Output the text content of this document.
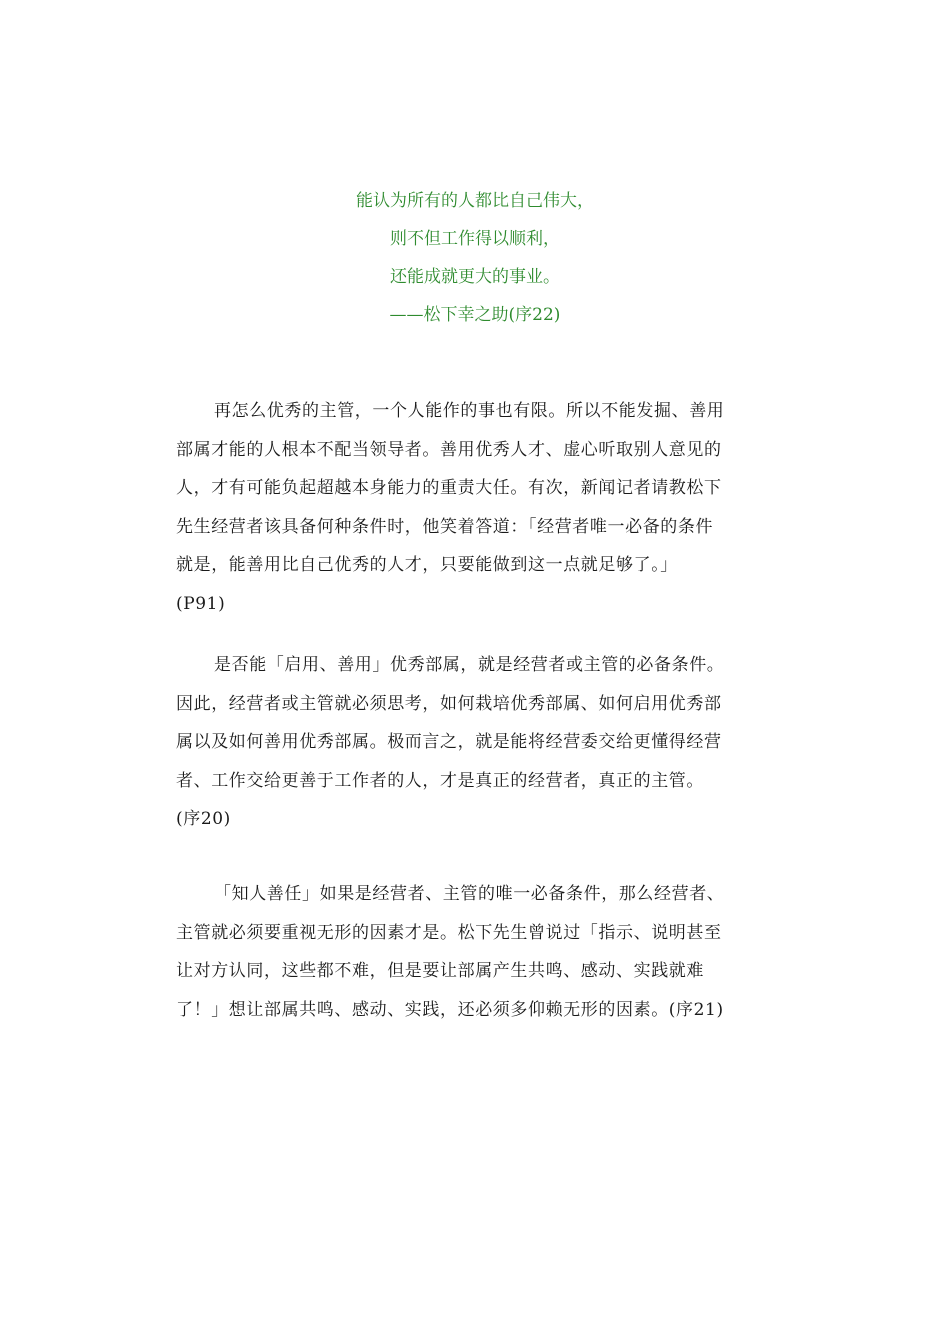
能认为所有的人都比自己伟大，
则不但工作得以顺利，
还能成就更大的事业。
——松下幸之助(序22)

再怎么优秀的主管，一个人能作的事也有限。所以不能发掘、善用
部属才能的人根本不配当领导者。善用优秀人才、虚心听取别人意见的
人，才有可能负起超越本身能力的重责大任。有次，新闻记者请教松下
先生经营者该具备何种条件时，他笑着答道：「经营者唯一必备的条件
就是，能善用比自己优秀的人才，只要能做到这一点就足够了。」
(P91)

是否能「启用、善用」优秀部属，就是经营者或主管的必备条件。
因此，经营者或主管就必须思考，如何栽培优秀部属、如何启用优秀部
属以及如何善用优秀部属。极而言之，就是能将经营委交给更懂得经营
者、工作交给更善于工作者的人，才是真正的经营者，真正的主管。
(序20)

「知人善任」如果是经营者、主管的唯一必备条件，那么经营者、
主管就必须要重视无形的因素才是。松下先生曾说过「指示、说明甚至
让对方认同，这些都不难，但是要让部属产生共鸣、感动、实践就难
了！」想让部属共鸣、感动、实践，还必须多仰赖无形的因素。(序21)
